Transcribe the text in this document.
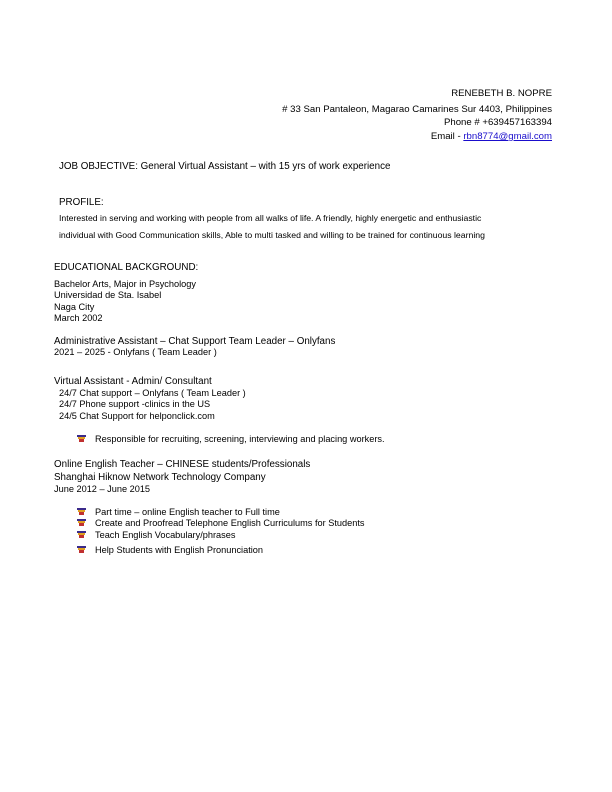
RENEBETH B. NOPRE
# 33 San Pantaleon, Magarao Camarines Sur 4403, Philippines
Phone # +639457163394
Email - rbn8774@gmail.com
JOB OBJECTIVE: General Virtual Assistant – with 15 yrs of work experience
PROFILE:
Interested in serving and working with people from all walks of life. A friendly, highly energetic and enthusiastic
individual with Good Communication skills, Able to multi tasked and willing to be trained for continuous learning
EDUCATIONAL BACKGROUND:
Bachelor Arts, Major in Psychology
Universidad de Sta. Isabel
Naga City
March 2002
Administrative Assistant – Chat Support Team Leader – Onlyfans
2021 – 2025 - Onlyfans ( Team Leader )
Virtual Assistant - Admin/ Consultant
24/7 Chat support – Onlyfans ( Team Leader )
24/7 Phone support -clinics in the US
24/5 Chat Support for helponclick.com
Responsible for recruiting, screening, interviewing and placing workers.
Online English Teacher – CHINESE students/Professionals
Shanghai Hiknow Network Technology Company
June 2012 – June 2015
Part time – online English teacher to Full time
Create and Proofread Telephone English Curriculums for Students
Teach English Vocabulary/phrases
Help Students with English Pronunciation
